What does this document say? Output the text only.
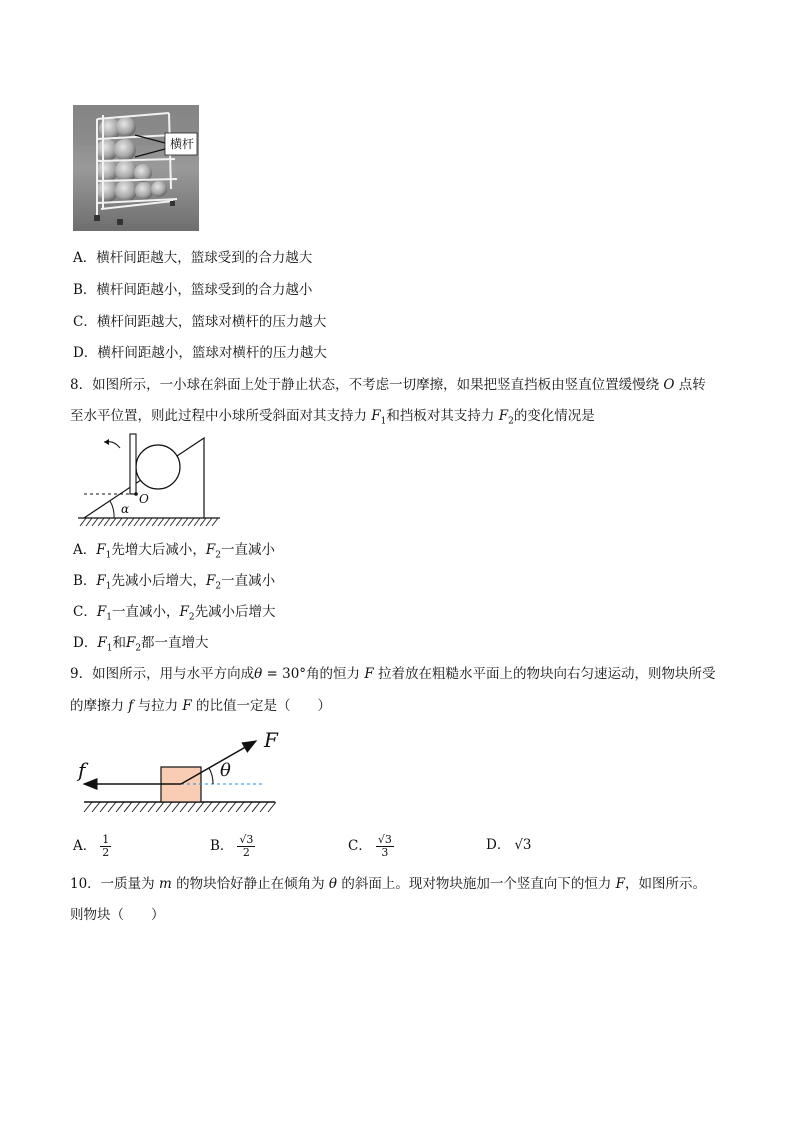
横杆
A．横杆间距越大，篮球受到的合力越大
B．横杆间距越小，篮球受到的合力越小
C．横杆间距越大，篮球对横杆的压力越大
D．横杆间距越小，篮球对横杆的压力越大
8．如图所示，一小球在斜面上处于静止状态，不考虑一切摩擦，如果把竖直挡板由竖直位置缓慢绕 O 点转
至水平位置，则此过程中小球所受斜面对其支持力 $F_1$和挡板对其支持力 $F_2$的变化情况是
O
α
A．$F_1$先增大后减小，$F_2$一直减小
B．$F_1$先减小后增大，$F_2$一直减小
C．$F_1$一直减小，$F_2$先减小后增大
D．$F_1$和$F_2$都一直增大
9．如图所示，用与水平方向成θ = 30°角的恒力 F 拉着放在粗糙水平面上的物块向右匀速运动，则物块所受
的摩擦力 f 与拉力 F 的比值一定是（　　）
F
f	θ
A． $\frac{1}{2}$	B． $\frac{√3}{2}$	C． $\frac{√3}{3}$	D． √3
10．一质量为 m 的物块恰好静止在倾角为 θ 的斜面上。现对物块施加一个竖直向下的恒力 F，如图所示。
则物块（　　）
